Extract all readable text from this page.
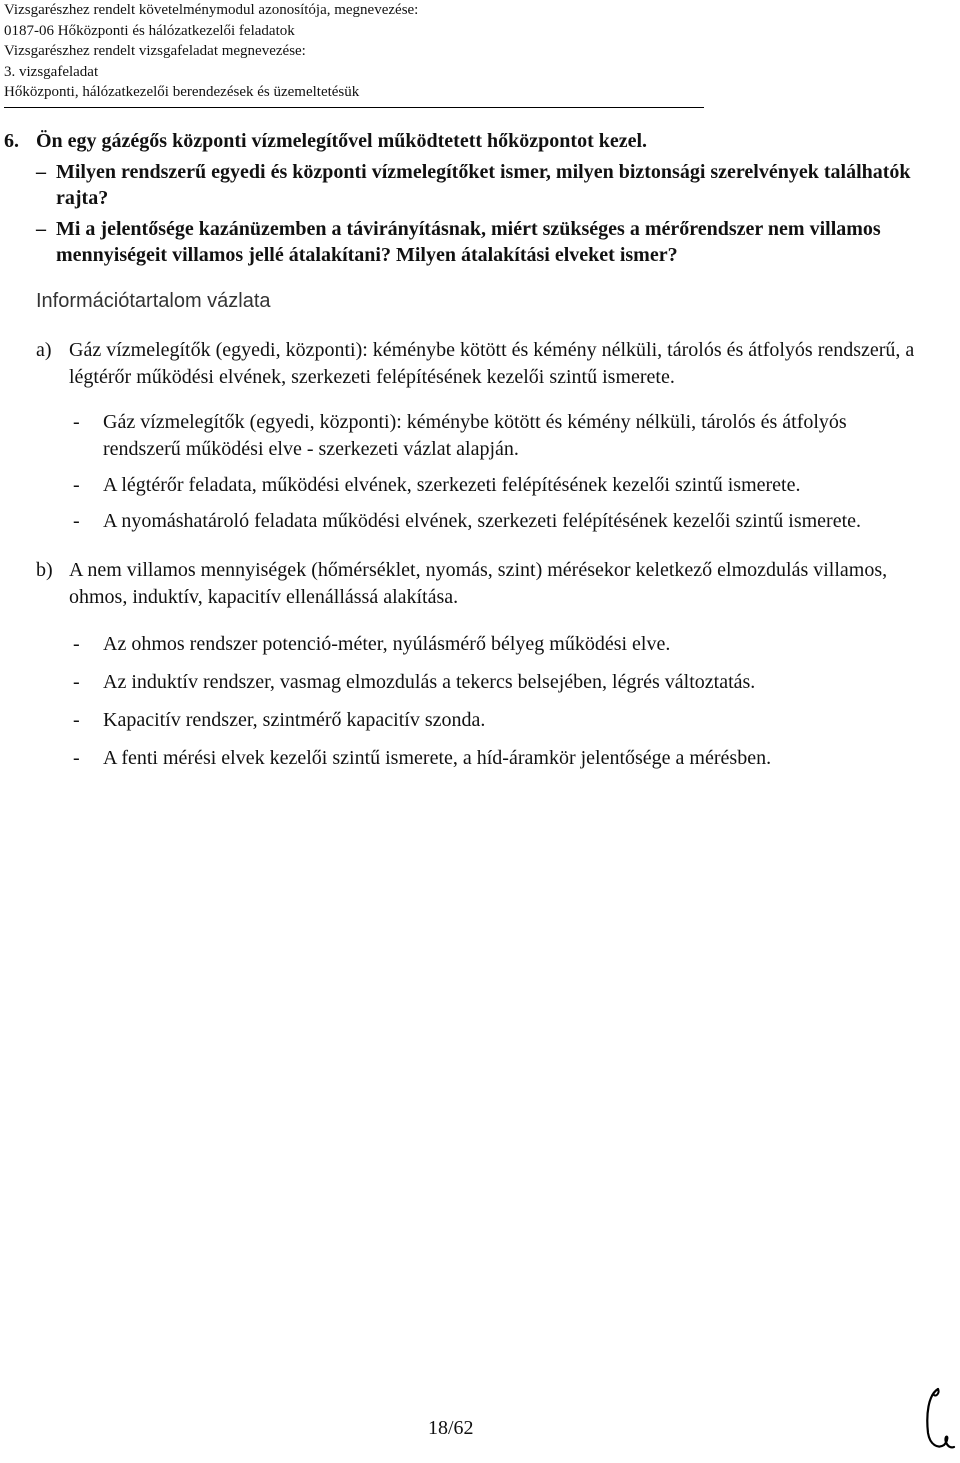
Vizsgarészhez rendelt követelménymodul azonosítója, megnevezése:
0187-06 Hőközponti és hálózatkezelői feladatok
Vizsgarészhez rendelt vizsgafeladat megnevezése:
3. vizsgafeladat
Hőközponti, hálózatkezelői berendezések és üzemeltetésük
6. Ön egy gázégős központi vízmelegítővel működtetett hőközpontot kezel.
– Milyen rendszerű egyedi és központi vízmelegítőket ismer, milyen biztonsági szerelvények találhatók rajta?
– Mi a jelentősége kazánüzemben a távirányításnak, miért szükséges a mérőrendszer nem villamos mennyiségeit villamos jellé átalakítani? Milyen átalakítási elveket ismer?
Információtartalom vázlata
a) Gáz vízmelegítők (egyedi, központi): kéménybe kötött és kémény nélküli, tárolós és átfolyós rendszerű, a légtérőr működési elvének, szerkezeti felépítésének kezelői szintű ismerete.
- Gáz vízmelegítők (egyedi, központi): kéménybe kötött és kémény nélküli, tárolós és átfolyós rendszerű működési elve - szerkezeti vázlat alapján.
- A légtérőr feladata, működési elvének, szerkezeti felépítésének kezelői szintű ismerete.
- A nyomáshatároló feladata működési elvének, szerkezeti felépítésének kezelői szintű ismerete.
b) A nem villamos mennyiségek (hőmérséklet, nyomás, szint) mérésekor keletkező elmozdulás villamos, ohmos, induktív, kapacitív ellenállássá alakítása.
- Az ohmos rendszer potenció-méter, nyúlásmérő bélyeg működési elve.
- Az induktív rendszer, vasmag elmozdulás a tekercs belsejében, légrés változtatás.
- Kapacitív rendszer, szintmérő kapacitív szonda.
- A fenti mérési elvek kezelői szintű ismerete, a híd-áramkör jelentősége a mérésben.
18/62
